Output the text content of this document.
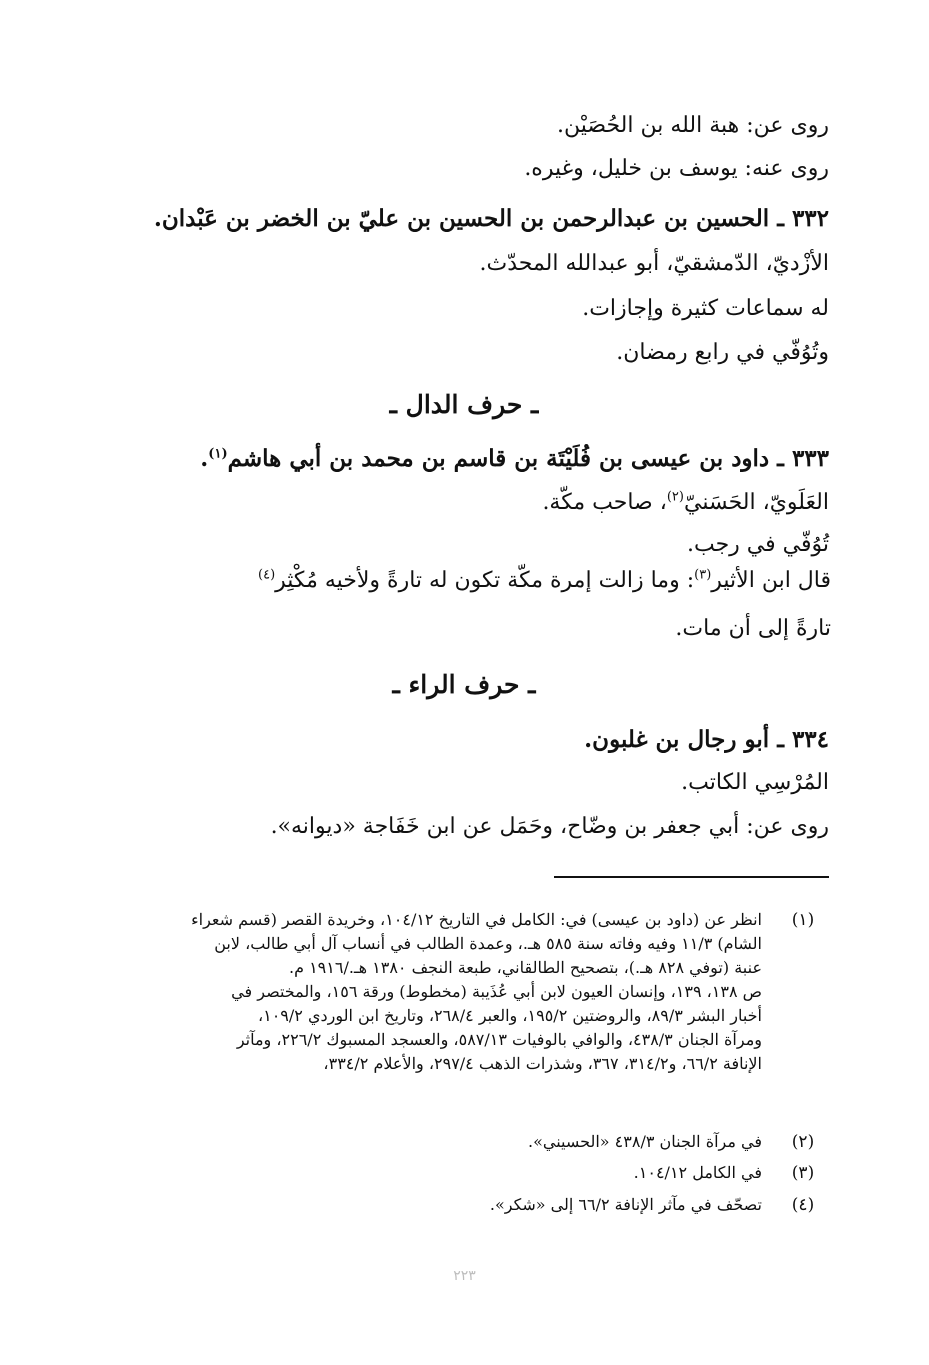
روى عن: هبة الله بن الحُصَيْن.
روى عنه: يوسف بن خليل، وغيره.
٣٣٢ ـ الحسين بن عبدالرحمن بن الحسين بن عليّ بن الخضر بن عَبْدان.
الأزْديّ، الدّمشقيّ، أبو عبدالله المحدّث.
له سماعات كثيرة وإجازات.
وتُوُفّي في رابع رمضان.
ـ حرف الدال ـ
٣٣٣ ـ داود بن عيسى بن فُلَيْتَة بن قاسم بن محمد بن أبي هاشم$^{(١)}$.
العَلَويّ، الحَسَنيّ$^{(٢)}$، صاحب مكّة.
تُوُفّي في رجب.
قال ابن الأثير$^{(٣)}$: وما زالت إمرة مكّة تكون له تارةً ولأخيه مُكْثِر$^{(٤)}$
تارةً إلى أن مات.
ـ حرف الراء ـ
٣٣٤ ـ أبو رجال بن غلبون.
المُرْسِي الكاتب.
روى عن: أبي جعفر بن وضّاح، وحَمَل عن ابن خَفَاجة «ديوانه».
(١)
انظر عن (داود بن عيسى) في: الكامل في التاريخ ١٠٤/١٢، وخريدة القصر (قسم شعراء
الشام) ١١/٣ وفيه وفاته سنة ٥٨٥ هـ.، وعمدة الطالب في أنساب آل أبي طالب، لابن
عنبة (توفي ٨٢٨ هـ.)، بتصحيح الطالقاني، طبعة النجف ١٣٨٠ هـ./١٩١٦ م.
ص ١٣٨، ١٣٩، وإنسان العيون لابن أبي عُذَيبة (مخطوط) ورقة ١٥٦، والمختصر في
أخبار البشر ٨٩/٣، والروضتين ١٩٥/٢، والعبر ٢٦٨/٤، وتاريخ ابن الوردي ١٠٩/٢،
ومرآة الجنان ٤٣٨/٣، والوافي بالوفيات ٥٨٧/١٣، والعسجد المسبوك ٢٢٦/٢، ومآثر
الإنافة ٦٦/٢، و٣١٤/٢، ٣٦٧، وشذرات الذهب ٢٩٧/٤، والأعلام ٣٣٤/٢،
(٢)
في مرآة الجنان ٤٣٨/٣ «الحسيني».
(٣)
في الكامل ١٠٤/١٢.
(٤)
تصحّف في مآثر الإنافة ٦٦/٢ إلى «شكر».
٢٢٣
